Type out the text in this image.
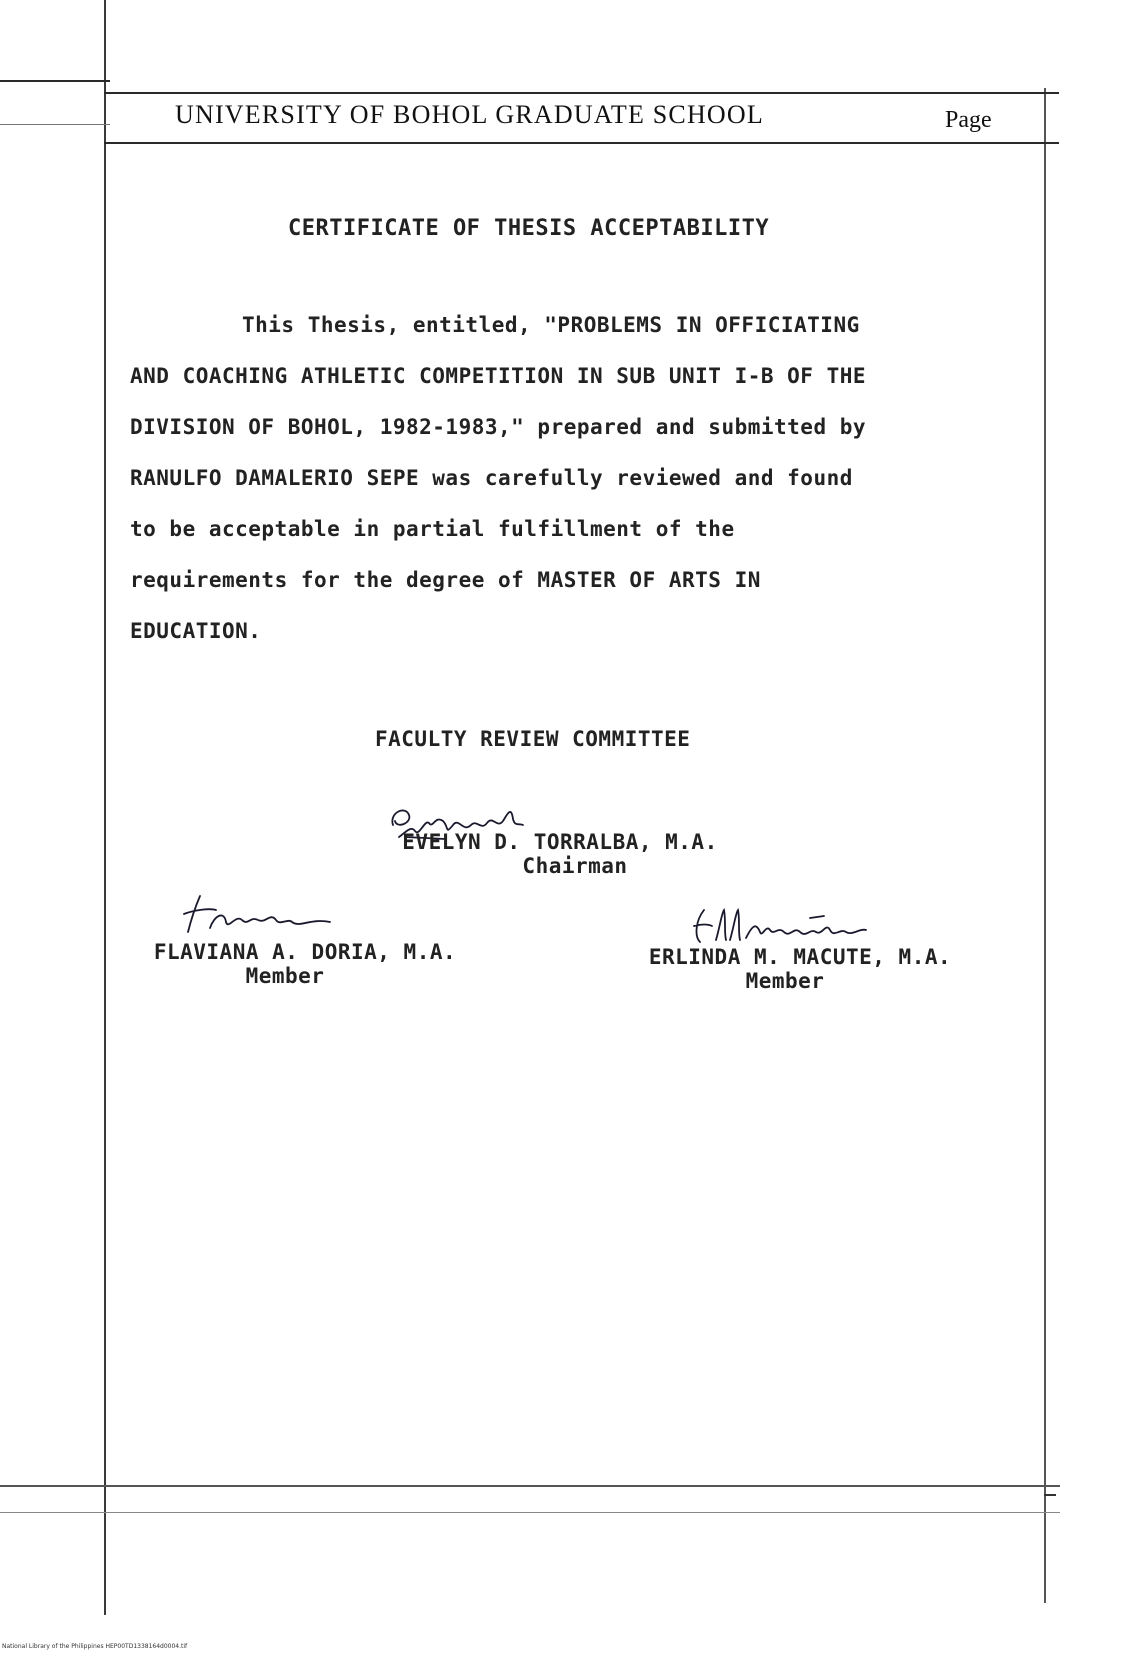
UNIVERSITY OF BOHOL GRADUATE SCHOOL	Page
CERTIFICATE OF THESIS ACCEPTABILITY
This Thesis, entitled, "PROBLEMS IN OFFICIATING
AND COACHING ATHLETIC COMPETITION IN SUB UNIT I-B OF THE
DIVISION OF BOHOL, 1982-1983," prepared and submitted by
RANULFO DAMALERIO SEPE was carefully reviewed and found
to be acceptable in partial fulfillment of the
requirements for the degree of MASTER OF ARTS IN
EDUCATION.
FACULTY REVIEW COMMITTEE
EVELYN D. TORRALBA, M.A.
Chairman
FLAVIANA A. DORIA, M.A.
Member
ERLINDA M. MACUTE, M.A.
Member
National Library of the Philippines HEP00TD1338164d0004.tif
